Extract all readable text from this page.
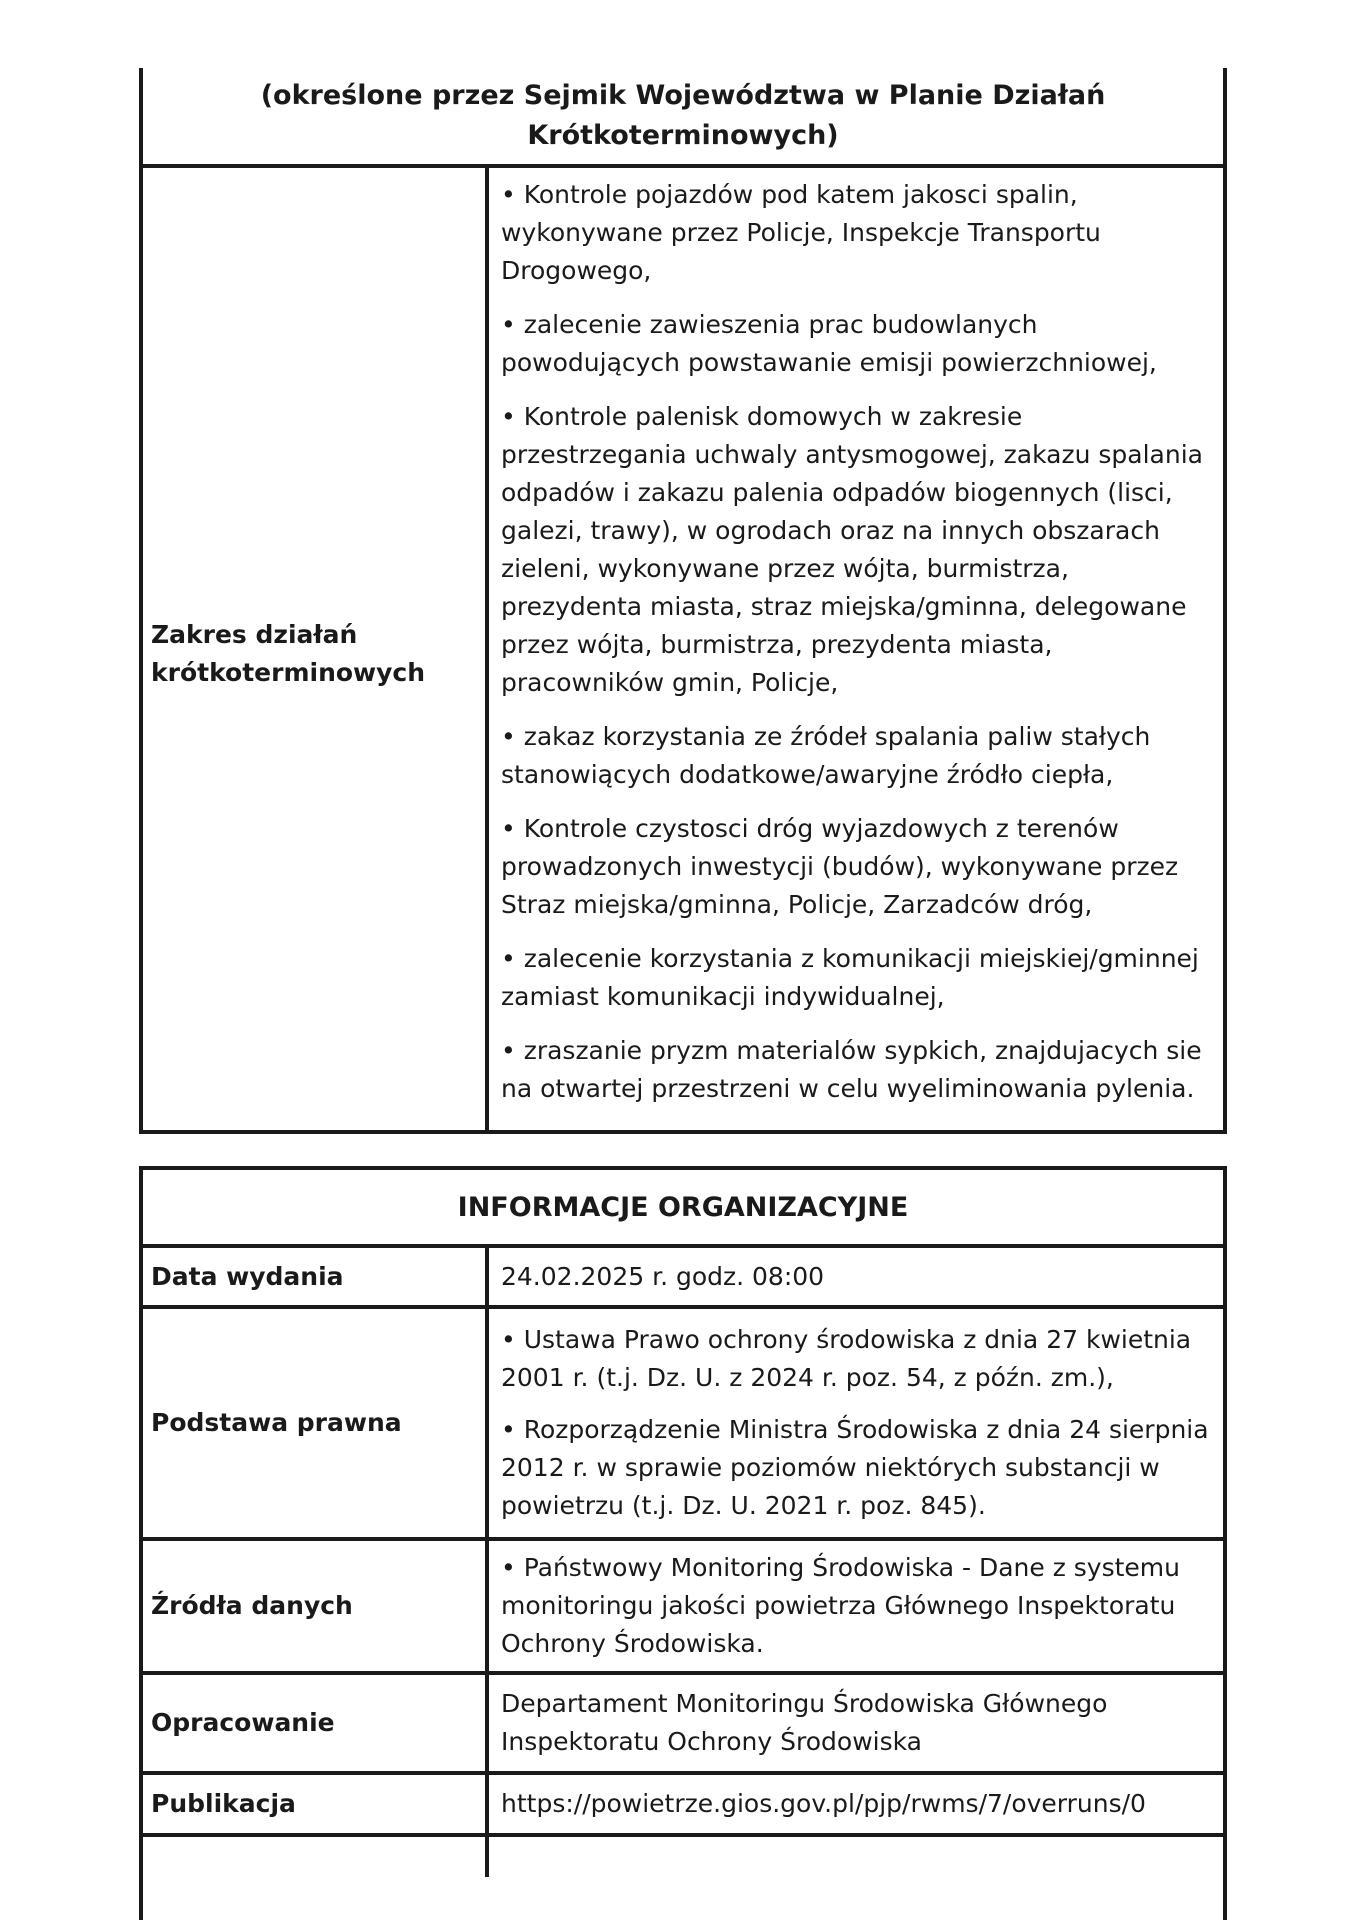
(określone przez Sejmik Województwa w Planie Działań Krótkoterminowych)
Zakres działań krótkoterminowych

• Kontrole pojazdów pod katem jakosci spalin, wykonywane przez Policje, Inspekcje Transportu Drogowego,

• zalecenie zawieszenia prac budowlanych powodujących powstawanie emisji powierzchniowej,

• Kontrole palenisk domowych w zakresie przestrzegania uchwaly antysmogowej, zakazu spalania odpadów i zakazu palenia odpadów biogennych (lisci, galezi, trawy), w ogrodach oraz na innych obszarach zieleni, wykonywane przez wójta, burmistrza, prezydenta miasta, straz miejska/gminna, delegowane przez wójta, burmistrza, prezydenta miasta, pracowników gmin, Policje,

• zakaz korzystania ze źródeł spalania paliw stałych stanowiących dodatkowe/awaryjne źródło ciepła,

• Kontrole czystosci dróg wyjazdowych z terenów prowadzonych inwestycji (budów), wykonywane przez Straz miejska/gminna, Policje, Zarzadców dróg,

• zalecenie korzystania z komunikacji miejskiej/gminnej zamiast komunikacji indywidualnej,

• zraszanie pryzm materialów sypkich, znajdujacych sie na otwartej przestrzeni w celu wyeliminowania pylenia.

INFORMACJE ORGANIZACYJNE
Data wydania	24.02.2025 r. godz. 08:00

Podstawa prawna

• Ustawa Prawo ochrony środowiska z dnia 27 kwietnia 2001 r. (t.j. Dz. U. z 2024 r. poz. 54, z późn. zm.),

• Rozporządzenie Ministra Środowiska z dnia 24 sierpnia 2012 r. w sprawie poziomów niektórych substancji w powietrzu (t.j. Dz. U. 2021 r. poz. 845).

Źródła danych

• Państwowy Monitoring Środowiska - Dane z systemu monitoringu jakości powietrza Głównego Inspektoratu Ochrony Środowiska.

Opracowanie

Departament Monitoringu Środowiska Głównego Inspektoratu Ochrony Środowiska

Publikacja	https://powietrze.gios.gov.pl/pjp/rwms/7/overruns/0
